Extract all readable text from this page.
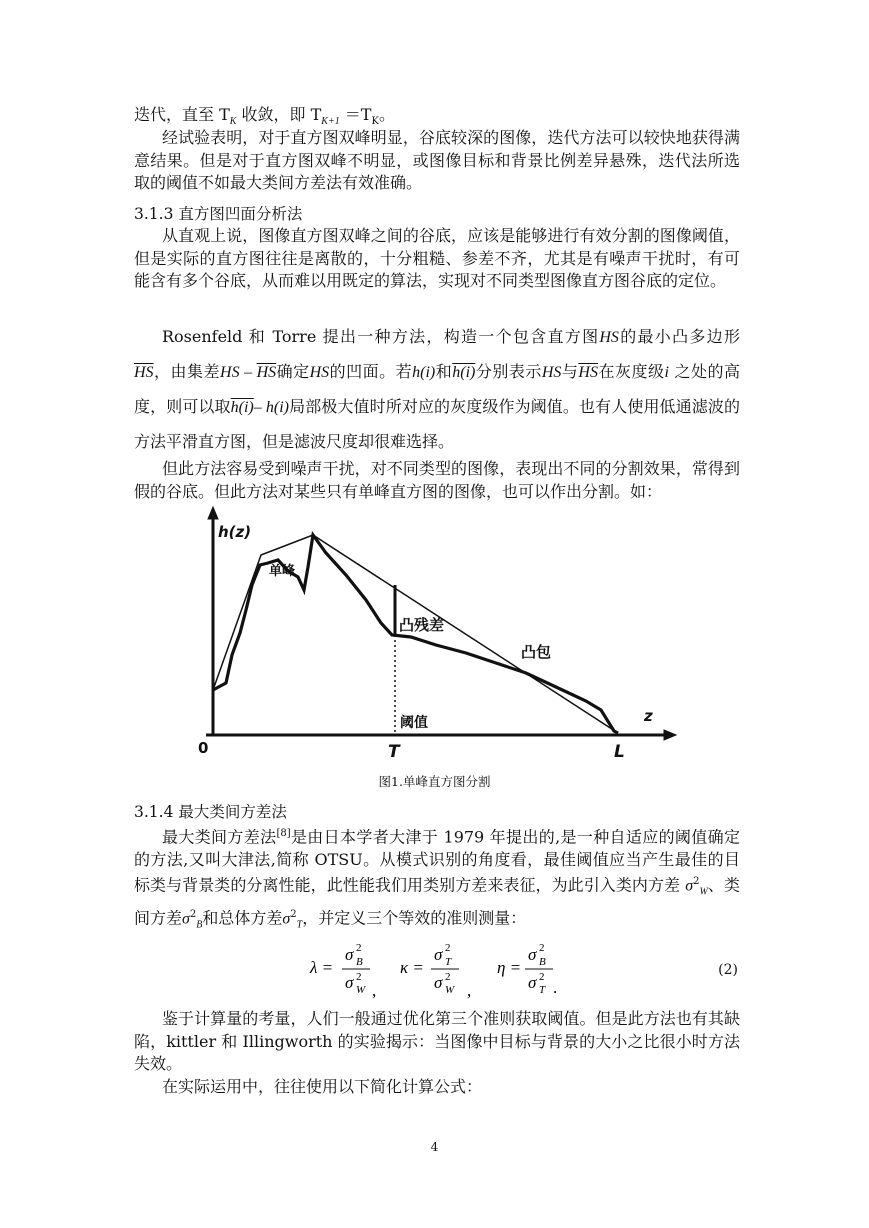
迭代，直至 $T_K$ 收敛，即 $T_{K+1} =T_K$。

经试验表明，对于直方图双峰明显，谷底较深的图像，迭代方法可以较快地获得满意结果。但是对于直方图双峰不明显，或图像目标和背景比例差异悬殊，迭代法所选取的阈值不如最大类间方差法有效准确。

3.1.3 直方图凹面分析法

从直观上说，图像直方图双峰之间的谷底，应该是能够进行有效分割的图像阈值，但是实际的直方图往往是离散的，十分粗糙、参差不齐，尤其是有噪声干扰时，有可能含有多个谷底，从而难以用既定的算法，实现对不同类型图像直方图谷底的定位。

Rosenfeld 和 Torre 提出一种方法，构造一个包含直方图HS的最小凸多边形 $\overline{HS}$，由集差HS – $\overline{HS}$确定HS的凹面。若h(i)和h(i)分别表示HS与$\overline{HS}$在灰度级i 之处的高度，则可以取h(i)– h(i)局部极大值时所对应的灰度级作为阈值。也有人使用低通滤波的方法平滑直方图，但是滤波尺度却很难选择。

但此方法容易受到噪声干扰，对不同类型的图像，表现出不同的分割效果，常得到假的谷底。但此方法对某些只有单峰直方图的图像，也可以作出分割。如：

h(z)
z
0	T	L
单峰
凸残差
凸包
阈值
图1.单峰直方图分割

3.1.4 最大类间方差法

最大类间方差法[8]是由日本学者大津于 1979 年提出的,是一种自适应的阈值确定的方法,又叫大津法,简称 OTSU。从模式识别的角度看，最佳阈值应当产生最佳的目标类与背景类的分离性能，此性能我们用类别方差来表征，为此引入类内方差 $\sigma^2_W$、类间方差$\sigma^2_B$和总体方差$\sigma^2_T$，并定义三个等效的准则测量：

λ =
σ 2
B
σ 2
W ,
κ =
σ 2
T
σ 2
W ,
η =
σ 2
B
σ 2
T .
(2)

鉴于计算量的考量，人们一般通过优化第三个准则获取阈值。但是此方法也有其缺陷，kittler 和 Illingworth 的实验揭示：当图像中目标与背景的大小之比很小时方法失效。

在实际运用中，往往使用以下简化计算公式：

4
